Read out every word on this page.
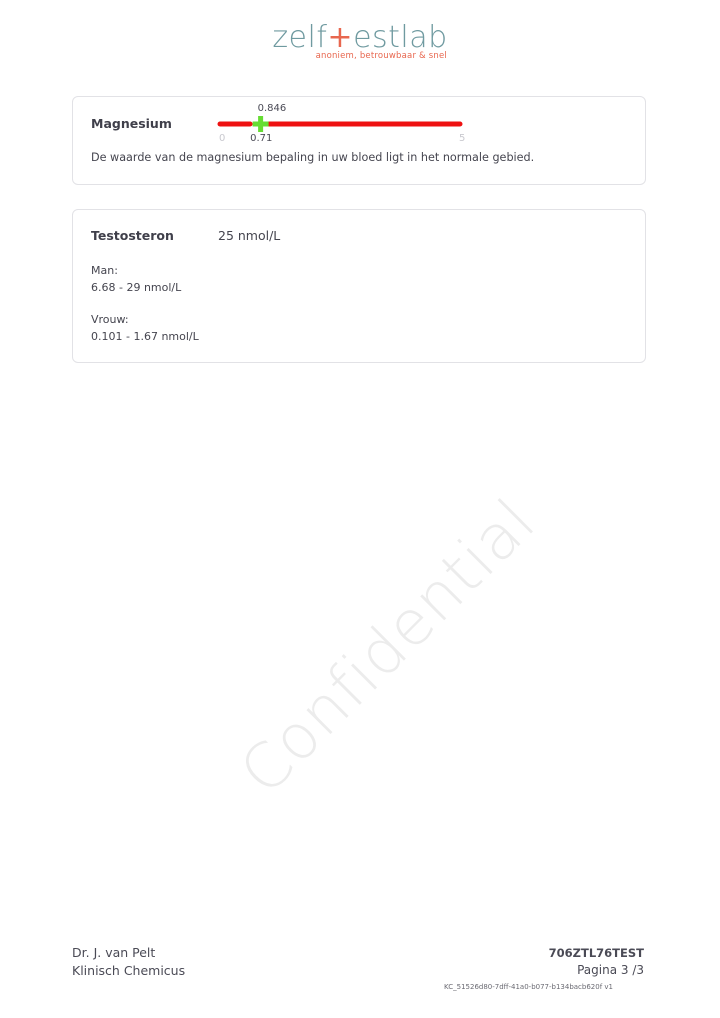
zelf+estlab
anoniem, betrouwbaar & snel
Magnesium
0.846
0 0.71	5
De waarde van de magnesium bepaling in uw bloed ligt in het normale gebied.
Testosteron	25 nmol/L
Man:
6.68 - 29 nmol/L
Vrouw:
0.101 - 1.67 nmol/L
Confidential
Dr. J. van Pelt
Klinisch Chemicus
706ZTL76TEST
Pagina 3 /3
KC_51526d80-7dff-41a0-b077-b134bacb620f v1
